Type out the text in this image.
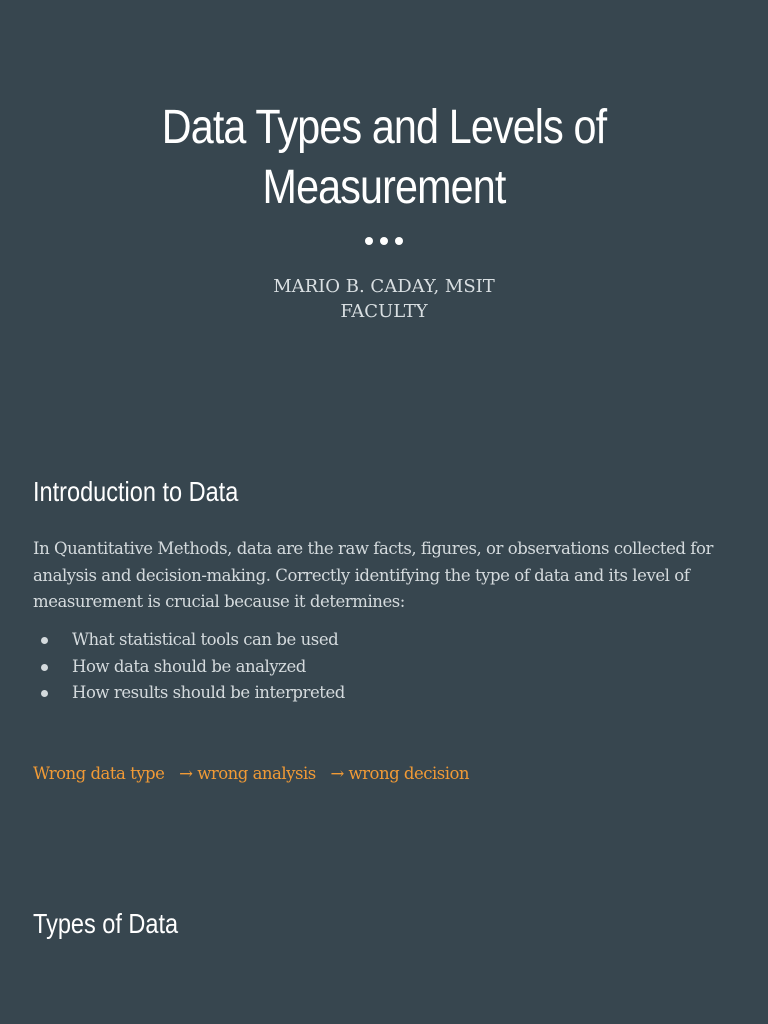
Data Types and Levels of
Measurement
MARIO B. CADAY, MSIT
FACULTY
Introduction to Data

In Quantitative Methods, data are the raw facts, figures, or observations collected for analysis and decision-making. Correctly identifying the type of data and its level of measurement is crucial because it determines:

What statistical tools can be used
How data should be analyzed
How results should be interpreted

Wrong data type → wrong analysis → wrong decision

Types of Data
